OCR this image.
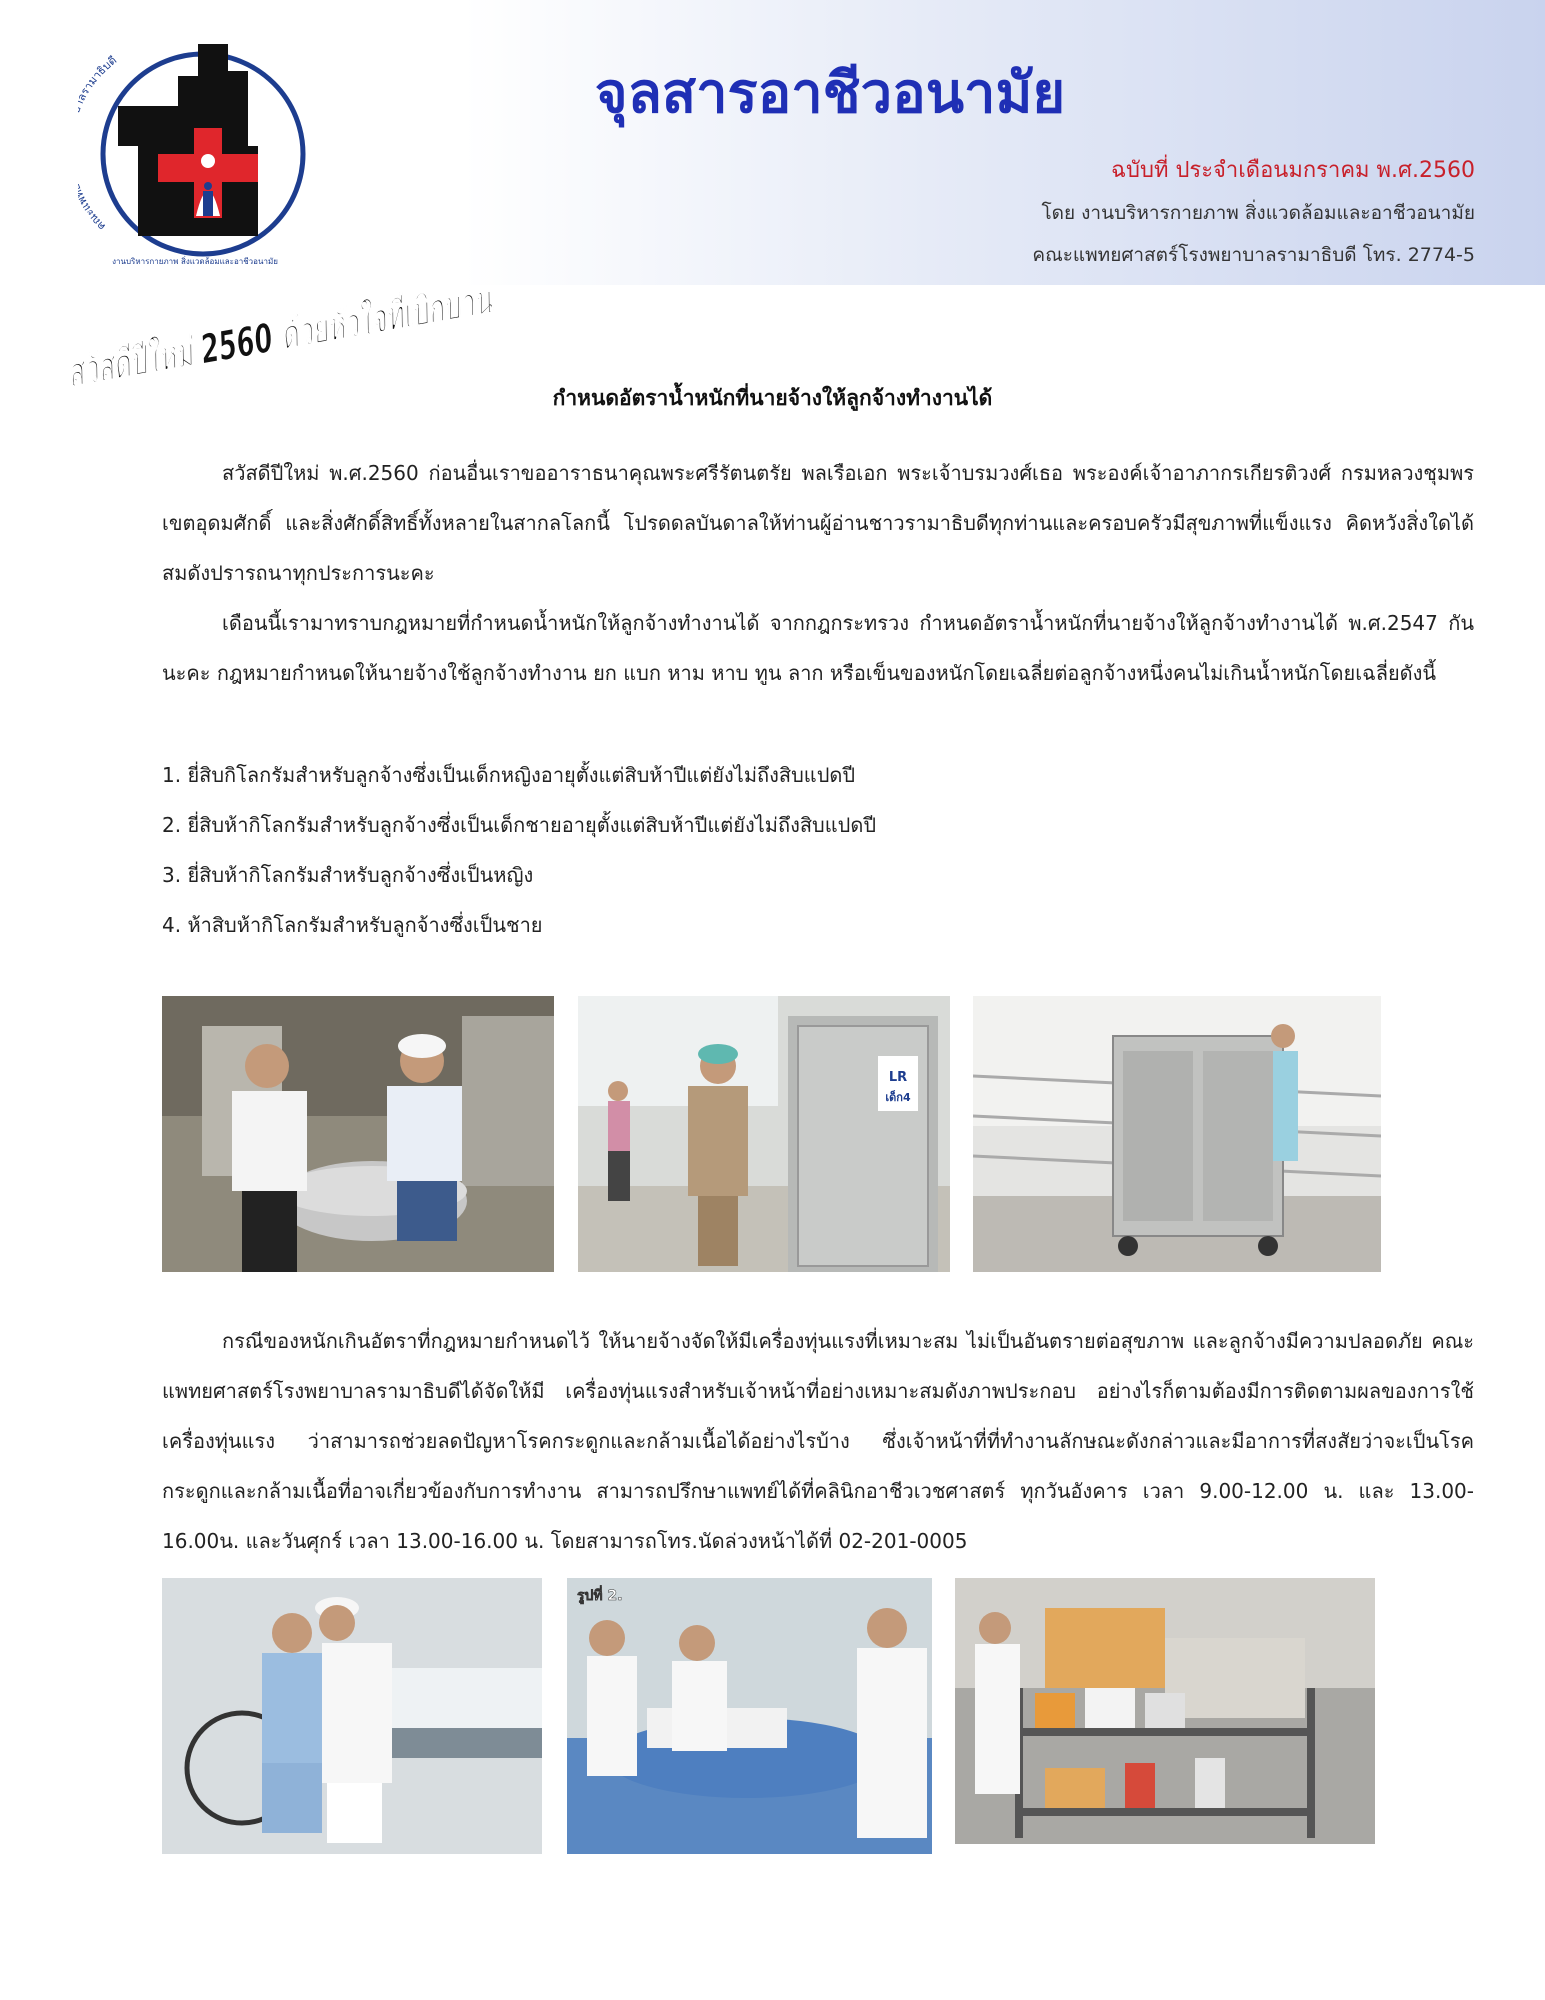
คณะแ รามาธิบดี
งานบริหารกายภาพ สิ่งแวดล้อมและอาชีวอนามัย
จุลสารอาชีวอนามัย
ฉบับที่ ประจำเดือนมกราคม พ.ศ.2560
โดย งานบริหารกายภาพ สิ่งแวดล้อมและอาชีวอนามัย
คณะแพทยศาสตร์โรงพยาบาลรามาธิบดี โทร. 2774-5
สวัสดีปีใหม่ 2560
กำหนดอัตราน้ำหนักที่นายจ้างให้ลูกจ้างทำงานได้
สวัสดีปีใหม่ พ.ศ.2560 ก่อนอื่นเราขออาราธนาคุณพระศรีรัตนตรัย พลเรือเอก พระเจ้าบรมวงศ์เธอ พระองค์เจ้าอาภากรเกียรติวงศ์ กรมหลวงชุมพรเขตอุดมศักดิ์ และสิ่งศักดิ์สิทธิ์ทั้งหลายในสากลโลกนี้ โปรดดลบันดาลให้ท่านผู้อ่านชาวรามาธิบดีทุกท่านและครอบครัวมีสุขภาพที่แข็งแรง คิดหวังสิ่งใดได้สมดังปรารถนาทุกประการนะคะ
เดือนนี้เรามาทราบกฎหมายที่กำหนดน้ำหนักให้ลูกจ้างทำงานได้ จากกฎกระทรวง กำหนดอัตราน้ำหนักที่นายจ้างให้ลูกจ้างทำงานได้ พ.ศ.2547 กันนะคะ กฎหมายกำหนดให้นายจ้างใช้ลูกจ้างทำงาน ยก แบก หาม หาบ ทูน ลาก หรือเข็นของหนักโดยเฉลี่ยต่อลูกจ้างหนึ่งคนไม่เกินน้ำหนักโดยเฉลี่ยดังนี้
1. ยี่สิบกิโลกรัมสำหรับลูกจ้างซึ่งเป็นเด็กหญิงอายุตั้งแต่สิบห้าปีแต่ยังไม่ถึงสิบแปดปี
2. ยี่สิบห้ากิโลกรัมสำหรับลูกจ้างซึ่งเป็นเด็กชายอายุตั้งแต่สิบห้าปีแต่ยังไม่ถึงสิบแปดปี
3. ยี่สิบห้ากิโลกรัมสำหรับลูกจ้างซึ่งเป็นหญิง
4. ห้าสิบห้ากิโลกรัมสำหรับลูกจ้างซึ่งเป็นชาย
LR
เด็ก4
กรณีของหนักเกินอัตราที่กฎหมายกำหนดไว้ ให้นายจ้างจัดให้มีเครื่องทุ่นแรงที่เหมาะสม ไม่เป็นอันตรายต่อสุขภาพ และลูกจ้างมีความปลอดภัย คณะแพทยศาสตร์โรงพยาบาลรามาธิบดีได้จัดให้มี เครื่องทุ่นแรงสำหรับเจ้าหน้าที่อย่างเหมาะสมดังภาพประกอบ อย่างไรก็ตามต้องมีการติดตามผลของการใช้เครื่องทุ่นแรง ว่าสามารถช่วยลดปัญหาโรคกระดูกและกล้ามเนื้อได้อย่างไรบ้าง ซึ่งเจ้าหน้าที่ที่ทำงานลักษณะดังกล่าวและมีอาการที่สงสัยว่าจะเป็นโรคกระดูกและกล้ามเนื้อที่อาจเกี่ยวข้องกับการทำงาน สามารถปรึกษาแพทย์ได้ที่คลินิกอาชีวเวชศาสตร์ ทุกวันอังคาร เวลา 9.00-12.00 น. และ 13.00-16.00น. และวันศุกร์ เวลา 13.00-16.00 น. โดยสามารถโทร.นัดล่วงหน้าได้ที่ 02-201-0005
รูปที่ 2.
